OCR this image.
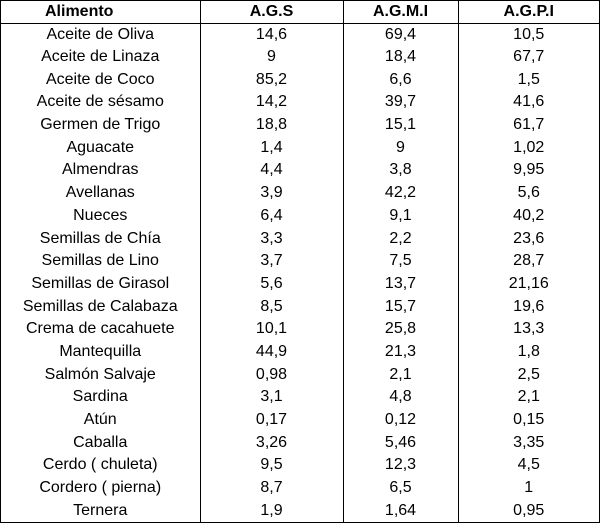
Alimento	A.G.S	A.G.M.I	A.G.P.I
Aceite de Oliva	14,6	69,4	10,5
Aceite de Linaza	9	18,4	67,7
Aceite de Coco	85,2	6,6	1,5
Aceite de sésamo	14,2	39,7	41,6
Germen de Trigo	18,8	15,1	61,7
Aguacate	1,4	9	1,02
Almendras	4,4	3,8	9,95
Avellanas	3,9	42,2	5,6
Nueces	6,4	9,1	40,2
Semillas de Chía	3,3	2,2	23,6
Semillas de Lino	3,7	7,5	28,7
Semillas de Girasol	5,6	13,7	21,16
Semillas de Calabaza	8,5	15,7	19,6
Crema de cacahuete	10,1	25,8	13,3
Mantequilla	44,9	21,3	1,8
Salmón Salvaje	0,98	2,1	2,5
Sardina	3,1	4,8	2,1
Atún	0,17	0,12	0,15
Caballa	3,26	5,46	3,35
Cerdo ( chuleta)	9,5	12,3	4,5
Cordero ( pierna)	8,7	6,5	1
Ternera	1,9	1,64	0,95
